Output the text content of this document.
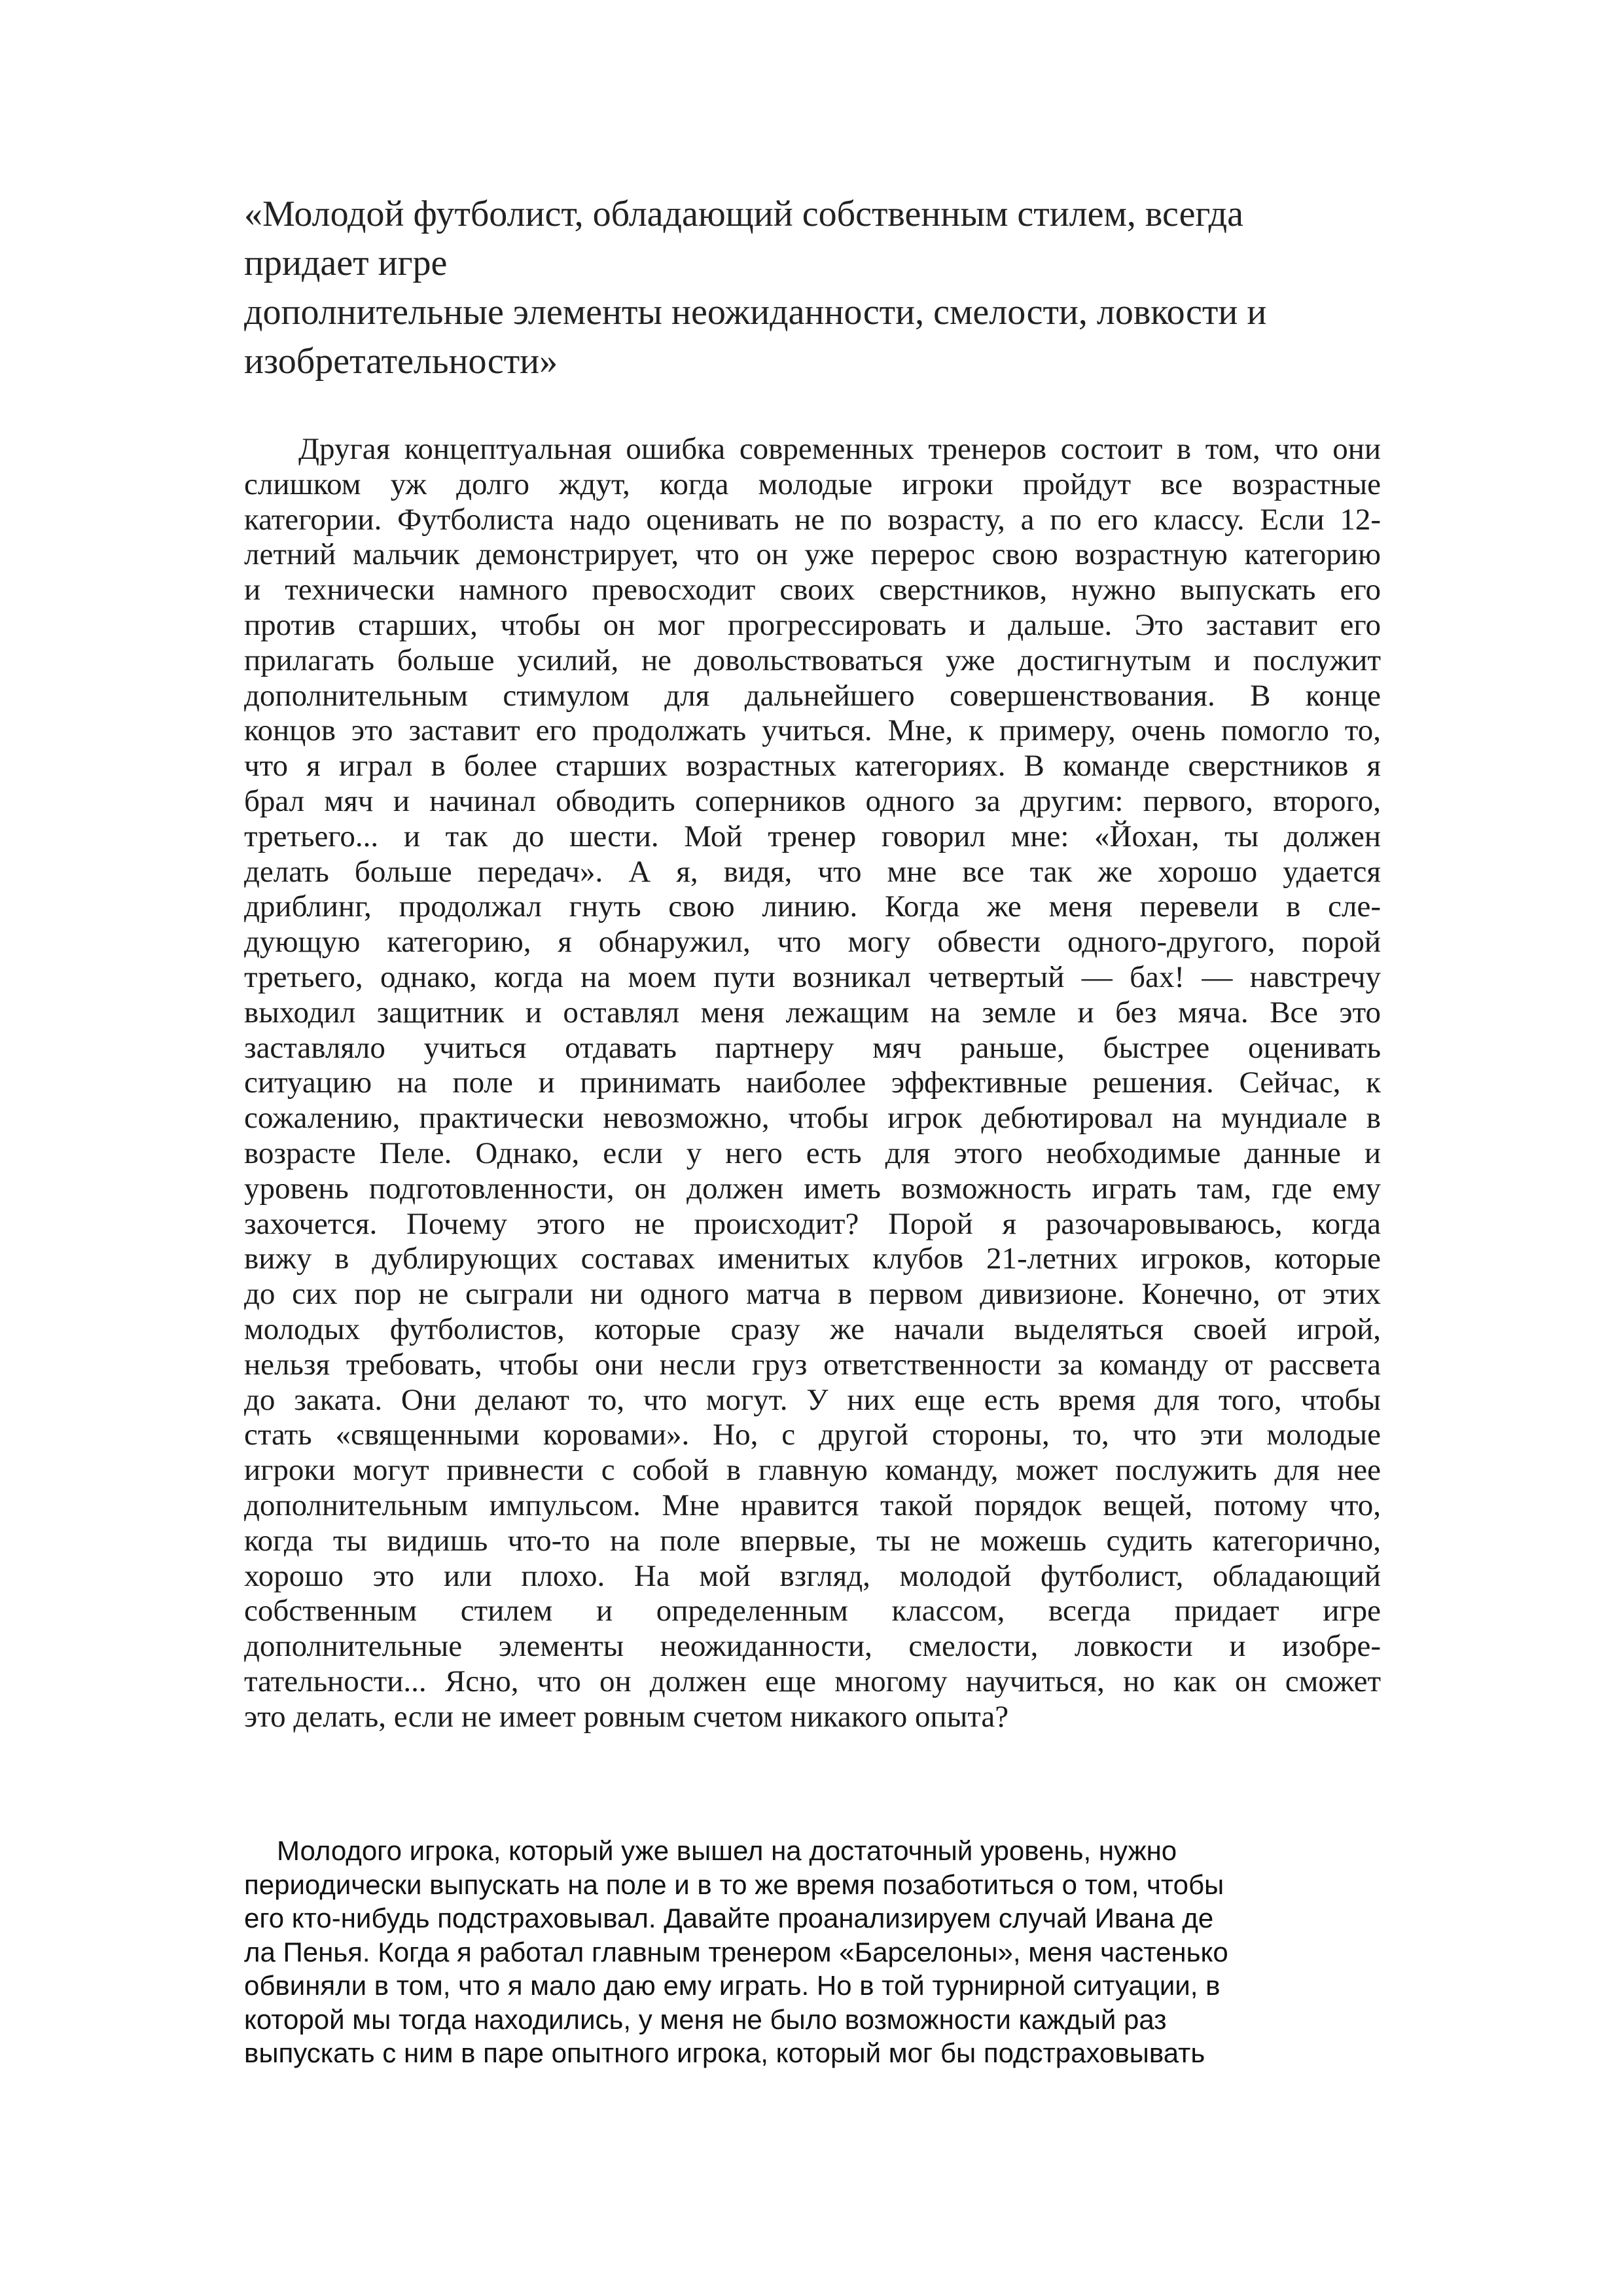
«Молодой футболист, обладающий собственным стилем, всегда
придает игре
дополнительные элементы неожиданности, смелости, ловкости и
изобретательности»
Другая концептуальная ошибка современных тренеров состоит в том, что они
слишком уж долго ждут, когда молодые игроки пройдут все возрастные
категории. Футболиста надо оценивать не по возрасту, а по его классу. Если 12-
летний мальчик демонстрирует, что он уже перерос свою возрастную категорию
и технически намного превосходит своих сверстников, нужно выпускать его
против старших, чтобы он мог прогрессировать и дальше. Это заставит его
прилагать больше усилий, не довольствоваться уже достигнутым и послужит
дополнительным стимулом для дальнейшего совершенствования. В конце
концов это заставит его продолжать учиться. Мне, к примеру, очень помогло то,
что я играл в более старших возрастных категориях. В команде сверстников я
брал мяч и начинал обводить соперников одного за другим: первого, второго,
третьего... и так до шести. Мой тренер говорил мне: «Йохан, ты должен
делать больше передач». А я, видя, что мне все так же хорошо удается
дриблинг, продолжал гнуть свою линию. Когда же меня перевели в сле-
дующую категорию, я обнаружил, что могу обвести одного-другого, порой
третьего, однако, когда на моем пути возникал четвертый — бах! — навстречу
выходил защитник и оставлял меня лежащим на земле и без мяча. Все это
заставляло учиться отдавать партнеру мяч раньше, быстрее оценивать
ситуацию на поле и принимать наиболее эффективные решения. Сейчас, к
сожалению, практически невозможно, чтобы игрок дебютировал на мундиале в
возрасте Пеле. Однако, если у него есть для этого необходимые данные и
уровень подготовленности, он должен иметь возможность играть там, где ему
захочется. Почему этого не происходит? Порой я разочаровываюсь, когда
вижу в дублирующих составах именитых клубов 21-летних игроков, которые
до сих пор не сыграли ни одного матча в первом дивизионе. Конечно, от этих
молодых футболистов, которые сразу же начали выделяться своей игрой,
нельзя требовать, чтобы они несли груз ответственности за команду от рассвета
до заката. Они делают то, что могут. У них еще есть время для того, чтобы
стать «священными коровами». Но, с другой стороны, то, что эти молодые
игроки могут привнести с собой в главную команду, может послужить для нее
дополнительным импульсом. Мне нравится такой порядок вещей, потому что,
когда ты видишь что-то на поле впервые, ты не можешь судить категорично,
хорошо это или плохо. На мой взгляд, молодой футболист, обладающий
собственным стилем и определенным классом, всегда придает игре
дополнительные элементы неожиданности, смелости, ловкости и изобре-
тательности... Ясно, что он должен еще многому научиться, но как он сможет
это делать, если не имеет ровным счетом никакого опыта?
Молодого игрока, который уже вышел на достаточный уровень, нужно
периодически выпускать на поле и в то же время позаботиться о том, чтобы
его кто-нибудь подстраховывал. Давайте проанализируем случай Ивана де
ла Пенья. Когда я работал главным тренером «Барселоны», меня частенько
обвиняли в том, что я мало даю ему играть. Но в той турнирной ситуации, в
которой мы тогда находились, у меня не было возможности каждый раз
выпускать с ним в паре опытного игрока, который мог бы подстраховывать
